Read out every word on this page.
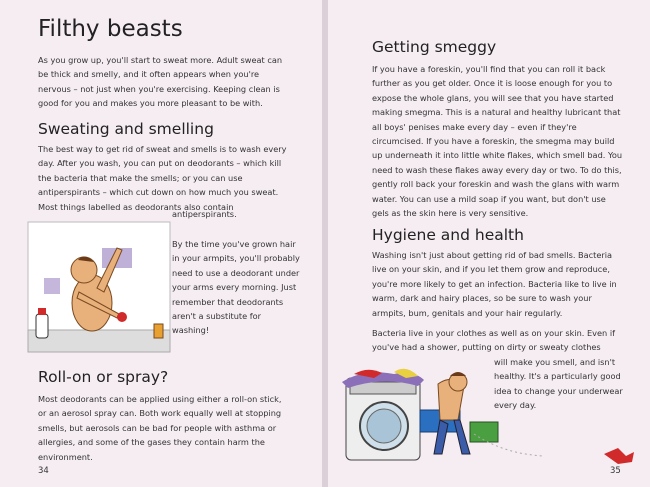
Filthy beasts

As you grow up, you'll start to sweat more. Adult sweat can be thick and smelly, and it often appears when you're nervous – not just when you're exercising. Keeping clean is good for you and makes you more pleasant to be with.

Sweating and smelling

The best way to get rid of sweat and smells is to wash every day. After you wash, you can put on deodorants – which kill the bacteria that make the smells; or you can use antiperspirants – which cut down on how much you sweat. Most things labelled as deodorants also contain

antiperspirants.

By the time you've grown hair in your armpits, you'll probably need to use a deodorant under your arms every morning. Just remember that deodorants aren't a substitute for washing!

Roll-on or spray?

Most deodorants can be applied using either a roll-on stick, or an aerosol spray can. Both work equally well at stopping smells, but aerosols can be bad for people with asthma or allergies, and some of the gases they contain harm the environment.

34
Getting smeggy

If you have a foreskin, you'll find that you can roll it back further as you get older. Once it is loose enough for you to expose the whole glans, you will see that you have started making smegma. This is a natural and healthy lubricant that all boys' penises make every day – even if they're circumcised. If you have a foreskin, the smegma may build up underneath it into little white flakes, which smell bad. You need to wash these flakes away every day or two. To do this, gently roll back your foreskin and wash the glans with warm water. You can use a mild soap if you want, but don't use gels as the skin here is very sensitive.

Hygiene and health

Washing isn't just about getting rid of bad smells. Bacteria live on your skin, and if you let them grow and reproduce, you're more likely to get an infection. Bacteria like to live in warm, dark and hairy places, so be sure to wash your armpits, bum, genitals and your hair regularly.

Bacteria live in your clothes as well as on your skin. Even if you've had a shower, putting on dirty or sweaty clothes

will make you smell, and isn't healthy. It's a particularly good idea to change your underwear every day.

35
